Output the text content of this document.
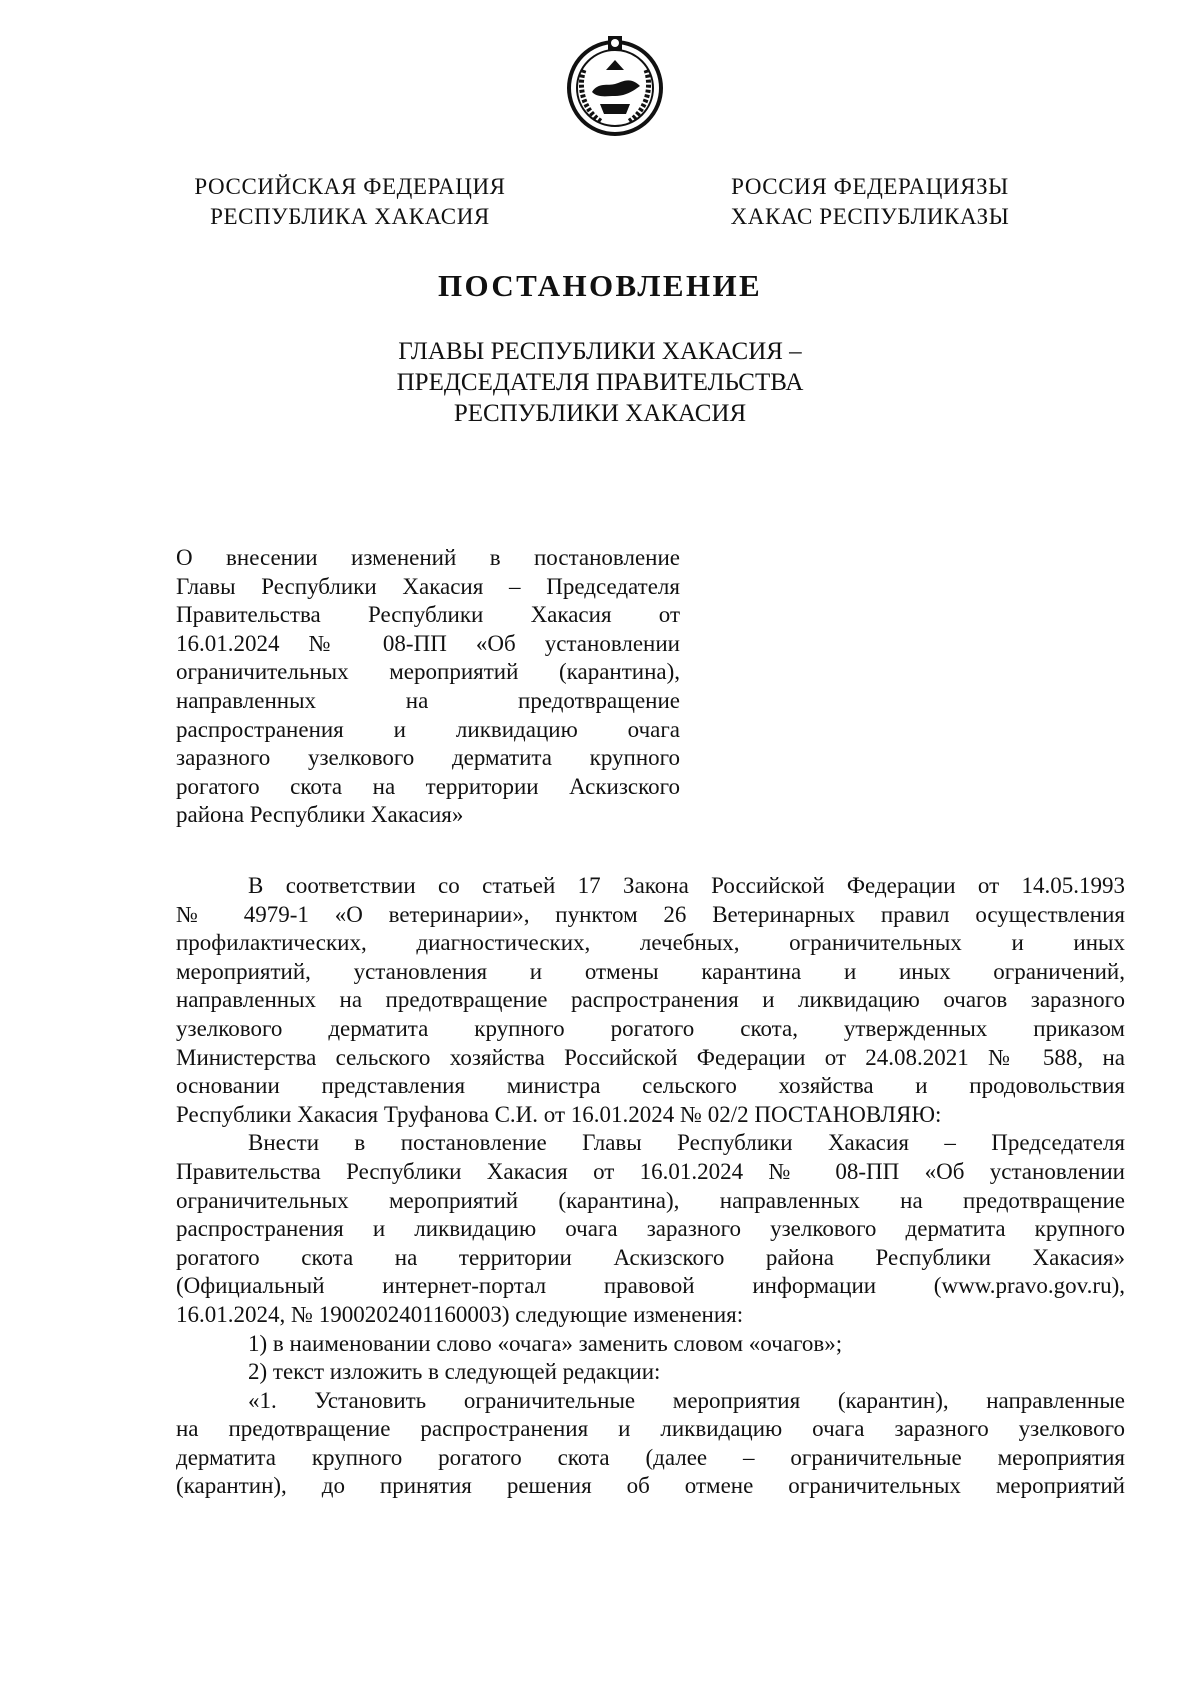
РОССИЙСКАЯ ФЕДЕРАЦИЯ
РЕСПУБЛИКА ХАКАСИЯ
РОССИЯ ФЕДЕРАЦИЯЗЫ
ХАКАС РЕСПУБЛИКАЗЫ
ПОСТАНОВЛЕНИЕ
ГЛАВЫ РЕСПУБЛИКИ ХАКАСИЯ –
ПРЕДСЕДАТЕЛЯ ПРАВИТЕЛЬСТВА
РЕСПУБЛИКИ ХАКАСИЯ
О внесении изменений в постановление
Главы Республики Хакасия – Председателя
Правительства Республики Хакасия от
16.01.2024 № 08-ПП «Об установлении
ограничительных мероприятий (карантина),
направленных на предотвращение
распространения и ликвидацию очага
заразного узелкового дерматита крупного
рогатого скота на территории Аскизского
района Республики Хакасия»
В соответствии со статьей 17 Закона Российской Федерации от 14.05.1993
№ 4979-1 «О ветеринарии», пунктом 26 Ветеринарных правил осуществления
профилактических, диагностических, лечебных, ограничительных и иных
мероприятий, установления и отмены карантина и иных ограничений,
направленных на предотвращение распространения и ликвидацию очагов заразного
узелкового дерматита крупного рогатого скота, утвержденных приказом
Министерства сельского хозяйства Российской Федерации от 24.08.2021 № 588, на
основании представления министра сельского хозяйства и продовольствия
Республики Хакасия Труфанова С.И. от 16.01.2024 № 02/2 ПОСТАНОВЛЯЮ:
Внести в постановление Главы Республики Хакасия – Председателя
Правительства Республики Хакасия от 16.01.2024 № 08-ПП «Об установлении
ограничительных мероприятий (карантина), направленных на предотвращение
распространения и ликвидацию очага заразного узелкового дерматита крупного
рогатого скота на территории Аскизского района Республики Хакасия»
(Официальный интернет-портал правовой информации (www.pravo.gov.ru),
16.01.2024, № 1900202401160003) следующие изменения:
1) в наименовании слово «очага» заменить словом «очагов»;
2) текст изложить в следующей редакции:
«1. Установить ограничительные мероприятия (карантин), направленные
на предотвращение распространения и ликвидацию очага заразного узелкового
дерматита крупного рогатого скота (далее – ограничительные мероприятия
(карантин), до принятия решения об отмене ограничительных мероприятий
